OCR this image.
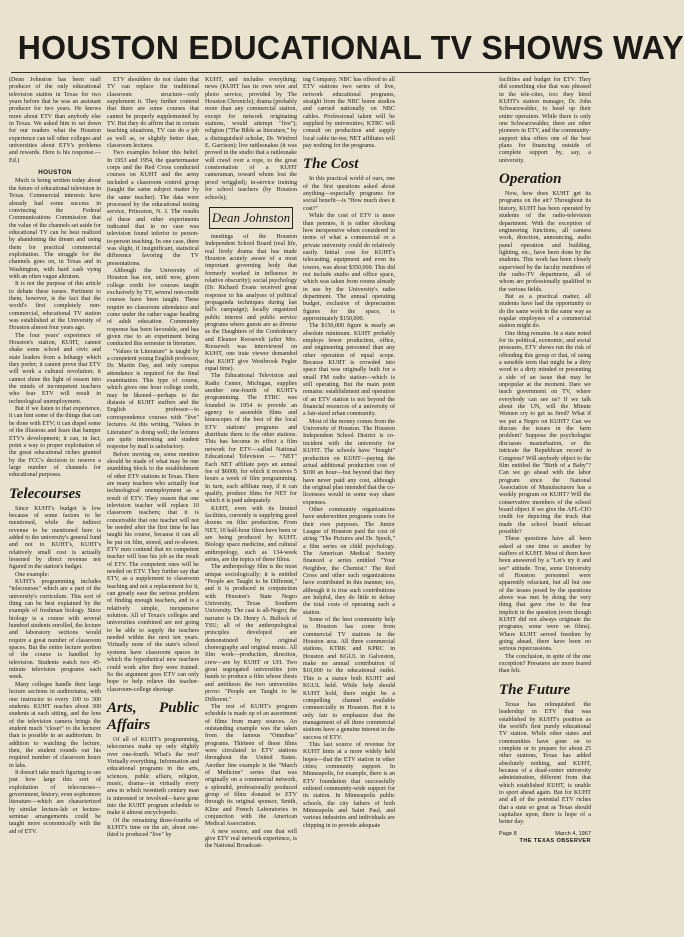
HOUSTON EDUCATIONAL TV SHOWS WAY

(Dean Johnston has been staff producer of the only educational television station in Texas for two years before that he was an assistant producer for two years. He knows more about ETV than anybody else in Texas. We asked him to set down for our readers what the Houston experience can tell other colleges and universities about ETV's problems and rewards. Here is his response.—Ed.)

HOUSTON

Much is being written today about the future of educational television in Texas. Commercial interests have already had some success in convincing the Federal Communications Commission that the value of the channels set aside for educational TV can be best realized by abandoning the dream and using them for practical commercial exploitation. The struggle for the channels goes on, in Texas and in Washington, with hard cash vying with an often vague altruism.

It is not the purpose of this article to debate these issues. Pertinent to them, however, is the fact that the world's first completely non-commercial, educational TV station was established at the University of Houston almost four years ago.

The four years' experience of Houston's station, KUHT, cannot shake some school and civic and state leaders from a lethargy which they prefer; it cannot prove that ETV will work a cultural revolution; it cannot shine the light of reason into the minds of incompetent teachers who fear ETV will result in technological unemployment.

But if we listen to that experience, it can hint some of the things that can be done with ETV; it can dispel some of the illusions and fears that hamper ETV's development; it can, in fact, point a way to proper exploitation of the great educational riches granted by the FCC's decision to reserve a large number of channels for educational purposes.

Telecourses

Since KUHT's budget is low because of some factors to be mentioned, while the indirect revenue to be mentioned here is added to the university's general fund and not to KUHT's, KUHT's relatively small cost is actually lessened by direct revenue not figured in the station's budget.

One example:

KUHT's programming includes "telecourses" which are a part of the university's curriculum. This sort of thing can be best explained by the example of freshman biology. Since biology is a course with several hundred students enrolled, the lecture and laboratory sections would require a great number of classroom spaces. But the entire lecture portion of the course is handled by television. Students watch two 45-minute television programs each week.

Many colleges handle their large lecture sections in auditoriums, with one instructor to every 100 to 300 students. KUHT reaches about 300 students at each sitting, and the lens of the television camera brings the student much "closer" to the lecturer than is possible in an auditorium. In addition to watching the lecture, then, the student rounds out his required number of classroom hours in labs.

It doesn't take much figuring to see just how large this sort of exploitation of telecourses—government, history, even sophomore literature—which are characterized by similar lecture-lab or lecture-seminar arrangements could be taught more economically with the aid of ETV.

ETV shoulders do not claim that TV can replace the traditional classroom structure—only supplement it. They further contend that there are some courses that cannot be properly supplemented by TV. But they do affirm that in certain teaching situations, TV can do a job as well as, or slightly better than, classroom lectures.

Two examples bolster this belief. In 1953 and 1954, the quartermaster corps and the Red Cross conducted courses on KUHT and the army included a classroom control group (taught the same subject matter by the same teacher). The data were processed by the educational testing service, Princeton, N. J. The results of these and other experiments indicated that in no case was television found inferior to person-to-person teaching. In one case, there was slight, if insignificant, statistical difference favoring the TV presentations.

Although the University of Houston has not, until now, given college credit for courses taught exclusively by TV, several non-credit courses have been taught. These require no classroom attendance and come under the rather vague heading of adult education. Community response has been favorable, and has given rise to an experiment being conducted this semester in literature.

"Values in Literature" is taught by a competent young English professor, Dr. Martin Day, and only campus attendance is required for the final examination. This type of course, which gives one hour college credit, may be likened—perhaps to the distaste of KUHT staffers and the English professor—to correspondence courses with "live" lectures. At this writing, "Values in Literature" is doing well; the lectures are quite interesting and student response by mail is satisfactory.

Before moving on, some mention should be made of what may be one stumbling block to the establishment of other ETV stations in Texas. There are many teachers who actually fear technological unemployment as a result of ETV. They reason that one television teacher will replace 10 classroom teachers; that it is conceivable that one teacher will not be needed after the first time he has taught his course, because it can all be put on film, stored, and re-shown. ETV men contend that no competent teacher will lose his job as the result of ETV. The competent ones will be needed on ETV. They further say that ETV, as a supplement to classroom teaching and not a replacement for it, can greatly ease the serious problem of finding enough teachers, and is a relatively simple, inexpensive solution. All of Texas's colleges and universities combined are not going to be able to supply the teachers needed within the next ten years. Virtually none of the state's school systems have classroom spaces in which the hypothetical new teachers could work after they were trained. So the argument goes ETV can only hope to help relieve the teacher-classroom-college shortage.

Arts, Public Affairs

Of all of KUHT's programming, telecourses make up only slightly over one-fourth. What's the rest? Virtually everything. Information and educational programs in the arts, sciences, public affairs, religion, music, drama—in virtually every area in which twentieth century man is interested or involved—have gone into the KUHT program schedule to make it almost encyclopedic.

Of the remaining three-fourths of KUHT's time on the air, about one-third is produced "live" by

KUHT, and includes everything; news (KUHT has its own wire and photo service, provided by The Houston Chronicle); drama (probably more than any commercial station, except for network originating stations, would attempt "live"); religion ("The Bible as literature," by a distinguished scholar, Dr. Winfred E. Garrison); live rattlesnakes (it was proved in the studio that a rattlesnake will crawl over a rope, to the great consternation of a KUHT cameraman, toward whom lost the proof wriggled); in-service training for school teachers (by Houston schools);

Dean Johnston

meetings of the Houston Independent School Board (real life, real lively drama that has made Houston acutely aware of a most important governing body that formerly worked in influence in relative obscurity); social psychology (Dr. Richard Evans received great response to his analyses of political propaganda techniques during last fall's campaign); locally organized public interest and public service programs where guests are as diverse as the Daughters of the Confederacy and Eleanor Roosevelt (after Mrs. Roosevelt was interviewed on KUHT, one irate viewer demanded that KUHT give Westbrook Pegler equal time).

The Educational Television and Radio Center, Michigan, supplies another one-fourth of KUHT's programming. The ETRC was founded in 1954 to provide an agency to assemble films and kinescopes of the best of the local ETV stations' programs and distribute them to the other stations. This has become in effect a film network for ETV—called National Educational Television — "NET" Each NET affiliate pays an annual fee of $6000, for which it receives 5 hours a week of film programming. In turn, each affiliate may, if it can qualify, produce films for NET for which it is paid adequately.

KUHT, even with its limited facilities, currently is supplying good dozens on film production. From NET, 10 half-hour films have been or are being produced by KUHT. Biology space medicine, and cultural anthropology, such as 134-week series, are the topics of these films.

The anthropology film is the most unique sociologically; it is entitled "People are Taught to be Different," and it is produced in conjunction with Houston's State Negro University, Texas Southern University. The cast is all-Negro; the narrator is Dr. Henry A. Bullock of TSU; all of the anthropological principles developed are demonstrated by original choreography and original music. All film work—production, direction, crew—are by KUHT or UH. Two great segregated universities join hands to produce a film whose thesis and antithesis the two universities prove: "People are Taught to be Different."

The rest of KUHT's program schedule is made up of an assortment of films from many sources. An outstanding example was the taken from the famous "Omnibus" programs. Thirteen of these films were circulated to ETV stations throughout the United States. Another fine example is the "March of Medicine" series that was originally on a commercial network, a splendid, professionally produced group of films donated to ETV through its original sponsor, Smith, Kline and French Laboratories in conjunction with the American Medical Association.

A new source, and one that will give ETV real network experience, is the National Broadcast-

ing Company. NBC has offered to all ETV stations two series of live, network educational programs, straight from the NBC home studios and carried nationally on NBC cables. Professional talent will be supplied by universities; KTRC will consult on production and supply local cable tie-ins; NET affiliates will pay nothing for the programs.

The Cost

In this practical world of ours, one of the first questions asked about anything—especially programs for social benefit—is "How much does it cost?"

While the cost of ETV is more than pennies, it is rather shocking how inexpensive when considered in terms of what a commercial or a private university could do relatively easily. Initial cost for KUHT's telecasting, equipment and even its towers, was about $350,000. This did not include studio and office space, which was taken from rooms already in use by the University's radio department. The annual operating budget, exclusive of depreciation figures for the space, is approximately $150,000.

The $150,000 figure is nearly an absolute minimum. KUHT probably employs fewer production, office, and engineering personnel than any other operation of equal scope. Because KUHT is crowded into space that was originally built for a small FM radio station—which is still operating. But the main point remains: establishment and operation of an ETV station is not beyond the financial resources of a university of a fair-sized urban community.

Most of the money comes from the University of Houston. The Houston Independent School District is co-incident with the university for KUHT. The schools have "bought" production on KUHT—paying the actual additional production cost of $100 an hour—but beyond that they have never paid any cost, although the original plan intended that the co-licensees would in some way share expenses.

Other community organizations have underwritten programs costs for their own purposes. The Junior League of Houston paid the cost of airing "The Pictures and Dr. Spock," a film series on child psychology. The American Medical Society financed a series entitled "Your Neighbor, the Chemist." The Red Cross and other such organizations have contributed in this manner, too, although it is true such contributions are helpful, they do little to defray the total costs of operating such a station.

Some of the best community help in Houston has come from commercial TV stations in the Houston area. All three commercial stations, KTRK and KPRC in Houston and KGUL in Galveston, make no annual contribution of $10,000 to the educational outlet. This is a stance both KUHT and KGUL held. While help should KUHT hold, there might be a compelling channel available commercially in Houston. But it is only fair to emphasize that the management of all three commercial stations have a genuine interest in the success of ETV.

This last source of revenue for KUHT hints at a more widely held hopes—that the ETV station in other cities; community support. In Minneapolis, for example, there is an ETV foundation that successfully enlisted community-wide support for its station. In Minneapolis public schools, the city fathers of both Minneapolis and Saint Paul, and various industries and individuals are chipping in to provide adequate

facilities and budget for ETV. They did something else that was phrased in the tele-cites, too: they hired KUHT's station manager, Dr. John Schwarzwalder, to head up their entire operation. While there is only one Schwarzwalder, there are other pioneers in ETV, and the community-support idea offers one of the best plans for financing outside of complete support by, say, a university.

Operation

Now, how does KUHT get its programs on the air? Throughout its history, KUHT has been operated by students of the radio-television department. With the exception of engineering functions, all camera work, direction, announcing, audio panel operation and building, lighting, etc., have been done by the students. This work has been closely supervised by the faculty members of the radio-TV department, all of whom are professionally qualified in the various fields.

But as a practical matter, all students have had the opportunity to do the same work in the same way as regular employees of a commercial station might do.

One thing remains. In a state noted for its political, economic, and social pressures, ETV shows run the risk of offending this group or that, of using a sensible term that might be a dirty word to a dirty minded or presenting a side of an issue that may be unpopular at the moment. Dare we teach government on TV, where everybody can see us? If we talk about the UN, will the Minute Women cry to get us fired? What if we put a Negro on KUHT? Can we discuss the issues in the farm problem? Suppose the psychologist discusses masturbation, or the intricate the Republican record in Congress? Will anybody object to the film entitled the "Birth of a Baby"? Can we go ahead with the labor program since the National Association of Manufacturers has a weekly program on KUHT? Will the conservative members of the school board object if we give the AFL-CIO credit for depicting the truck that made the school board telecast possible?

These questions have all been asked at one time or another by staffers of KUHT. Most of them have been answered by a "Let's try it and see" attitude. True, some University of Houston personnel were apparently reluctant, but all but one of the issues posed by the questions above was met by doing the very thing that gave rise to the fear implicit in the question (even though KUHT did not always originate the programs; some were on films). Where KUHT served freedom by going ahead, there have been no serious repercussions.

The conclusion, in spite of the one exception? Pressures are more feared than felt.

The Future

Texas has relinquished the leadership in ETV that was established by KUHT's position as the world's first purely educational TV station. While other states and communities have gone on to complete or to prepare for about 25 other stations, Texas has added absolutely nothing, and KUHT, because of a dead-center university administration, different from that which established KUHT, is unable to sport ahead again. But for KUHT and all of the potential ETV riches that a state so great as Texas should capitalize upon, there is hope of a better day.

Page 8	March 4, 1967
THE TEXAS OBSERVER
